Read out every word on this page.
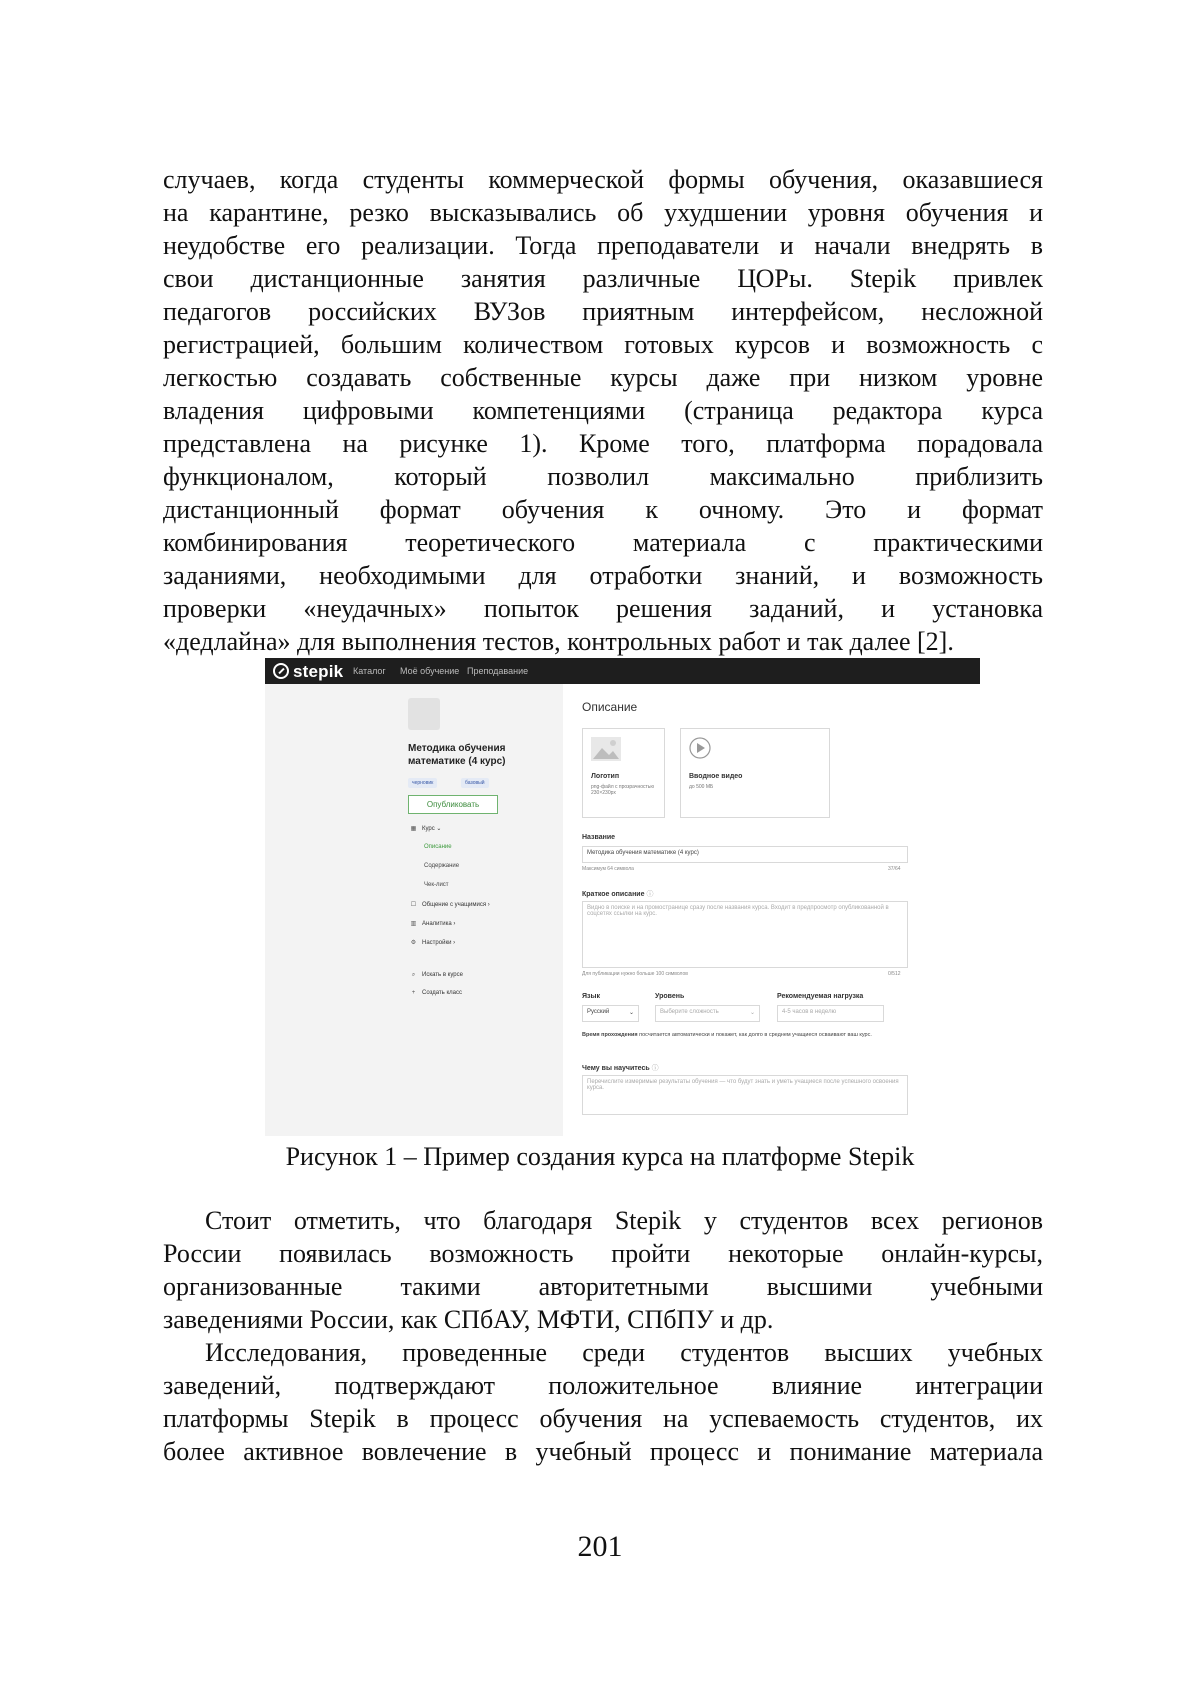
случаев, когда студенты коммерческой формы обучения, оказавшиеся
на карантине, резко высказывались об ухудшении уровня обучения и
неудобстве его реализации. Тогда преподаватели и начали внедрять в
свои дистанционные занятия различные ЦОРы. Stepik привлек
педагогов российских ВУЗов приятным интерфейсом, несложной
регистрацией, большим количеством готовых курсов и возможность с
легкостью создавать собственные курсы даже при низком уровне
владения цифровыми компетенциями (страница редактора курса
представлена на рисунке 1). Кроме того, платформа порадовала
функционалом, который позволил максимально приблизить
дистанционный формат обучения к очному. Это и формат
комбинирования теоретического материала с практическими
заданиями, необходимыми для отработки знаний, и возможность
проверки «неудачных» попыток решения заданий, и установка
«дедлайна» для выполнения тестов, контрольных работ и так далее [2].
stepik Каталог Моё обучение Преподавание
Методика обучения математике (4 курс)
черновик	базовый
Опубликовать
▦ Курс ⌄
Описание
Содержание
Чек-лист
☐ Общение с учащимися ›
▥ Аналитика ›
⚙ Настройки ›
⌕ Искать в курсе
+ Создать класс
Описание
Логотип
png-файл с прозрачностью 230×230px
Вводное видео
до 500 МБ
Название
Методика обучения математике (4 курс)
Максимум 64 символа	37/64
Краткое описание ⓘ
Видно в поиске и на промостранице сразу после названия курса. Входит в предпросмотр опубликованной в соцсетях ссылки на курс.
Для публикации нужно больше 100 символов	0/512
Язык
Русский	⌄
Уровень
Выберите сложность	⌄
Рекомендуемая нагрузка
4-5 часов в неделю
Время прохождения посчитается автоматически и покажет, как долго в среднем учащиеся осваивают ваш курс.
Чему вы научитесь ⓘ
Перечислите измеримые результаты обучения — что будут знать и уметь учащиеся после успешного освоения курса.
Рисунок 1 – Пример создания курса на платформе Stepik
Стоит отметить, что благодаря Stepik у студентов всех регионов
России появилась возможность пройти некоторые онлайн-курсы,
организованные такими авторитетными высшими учебными
заведениями России, как СПбАУ, МФТИ, СПбПУ и др.
Исследования, проведенные среди студентов высших учебных
заведений, подтверждают положительное влияние интеграции
платформы Stepik в процесс обучения на успеваемость студентов, их
более активное вовлечение в учебный процесс и понимание материала
201
